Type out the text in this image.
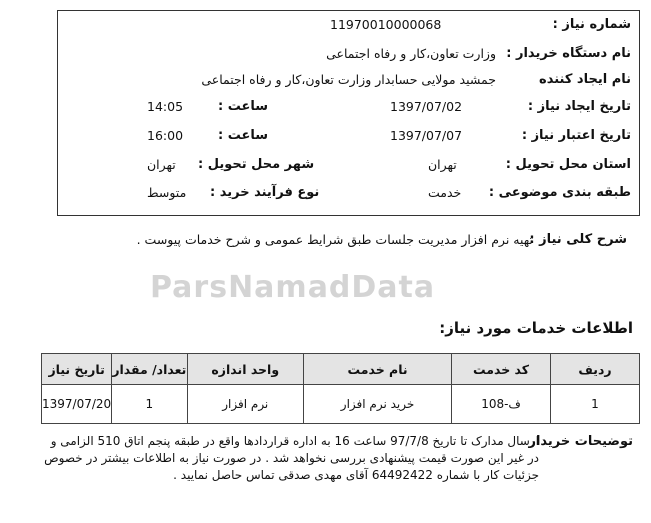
شماره نیاز :
11970010000068
نام دستگاه خریدار :
وزارت تعاون،کار و رفاه اجتماعی
نام ایجاد کننده
جمشید مولایی حسابدار وزارت تعاون،کار و رفاه اجتماعی
تاریخ ایجاد نیاز :
1397/07/02
ساعت :
14:05
تاریخ اعتبار نیاز :
1397/07/07
ساعت :
16:00
استان محل تحویل :
تهران
شهر محل تحویل :
تهران
طبقه بندی موضوعی :
خدمت
نوع فرآیند خرید :
متوسط
شرح کلی نیاز :
تهیه نرم افزار مدیریت جلسات طبق شرایط عمومی و شرح خدمات پیوست .
ParsNamadData
اطلاعات خدمات مورد نیاز:
ردیف	کد خدمت	نام خدمت	واحد اندازه	تعداد/ مقدار	تاریخ نیاز
1	ف-108	خرید نرم افزار	نرم افزار	1	1397/07/20
توضیحات خریدار
ارسال مدارک تا تاریخ 97/7/8 ساعت 16 به اداره قراردادها واقع در طبقه پنجم اتاق 510 الزامی و در غیر این صورت قیمت پیشنهادی بررسی نخواهد شد . در صورت نیاز به اطلاعات بیشتر در خصوص جزئیات کار با شماره 64492422 آقای مهدی صدقی تماس حاصل نمایید .
